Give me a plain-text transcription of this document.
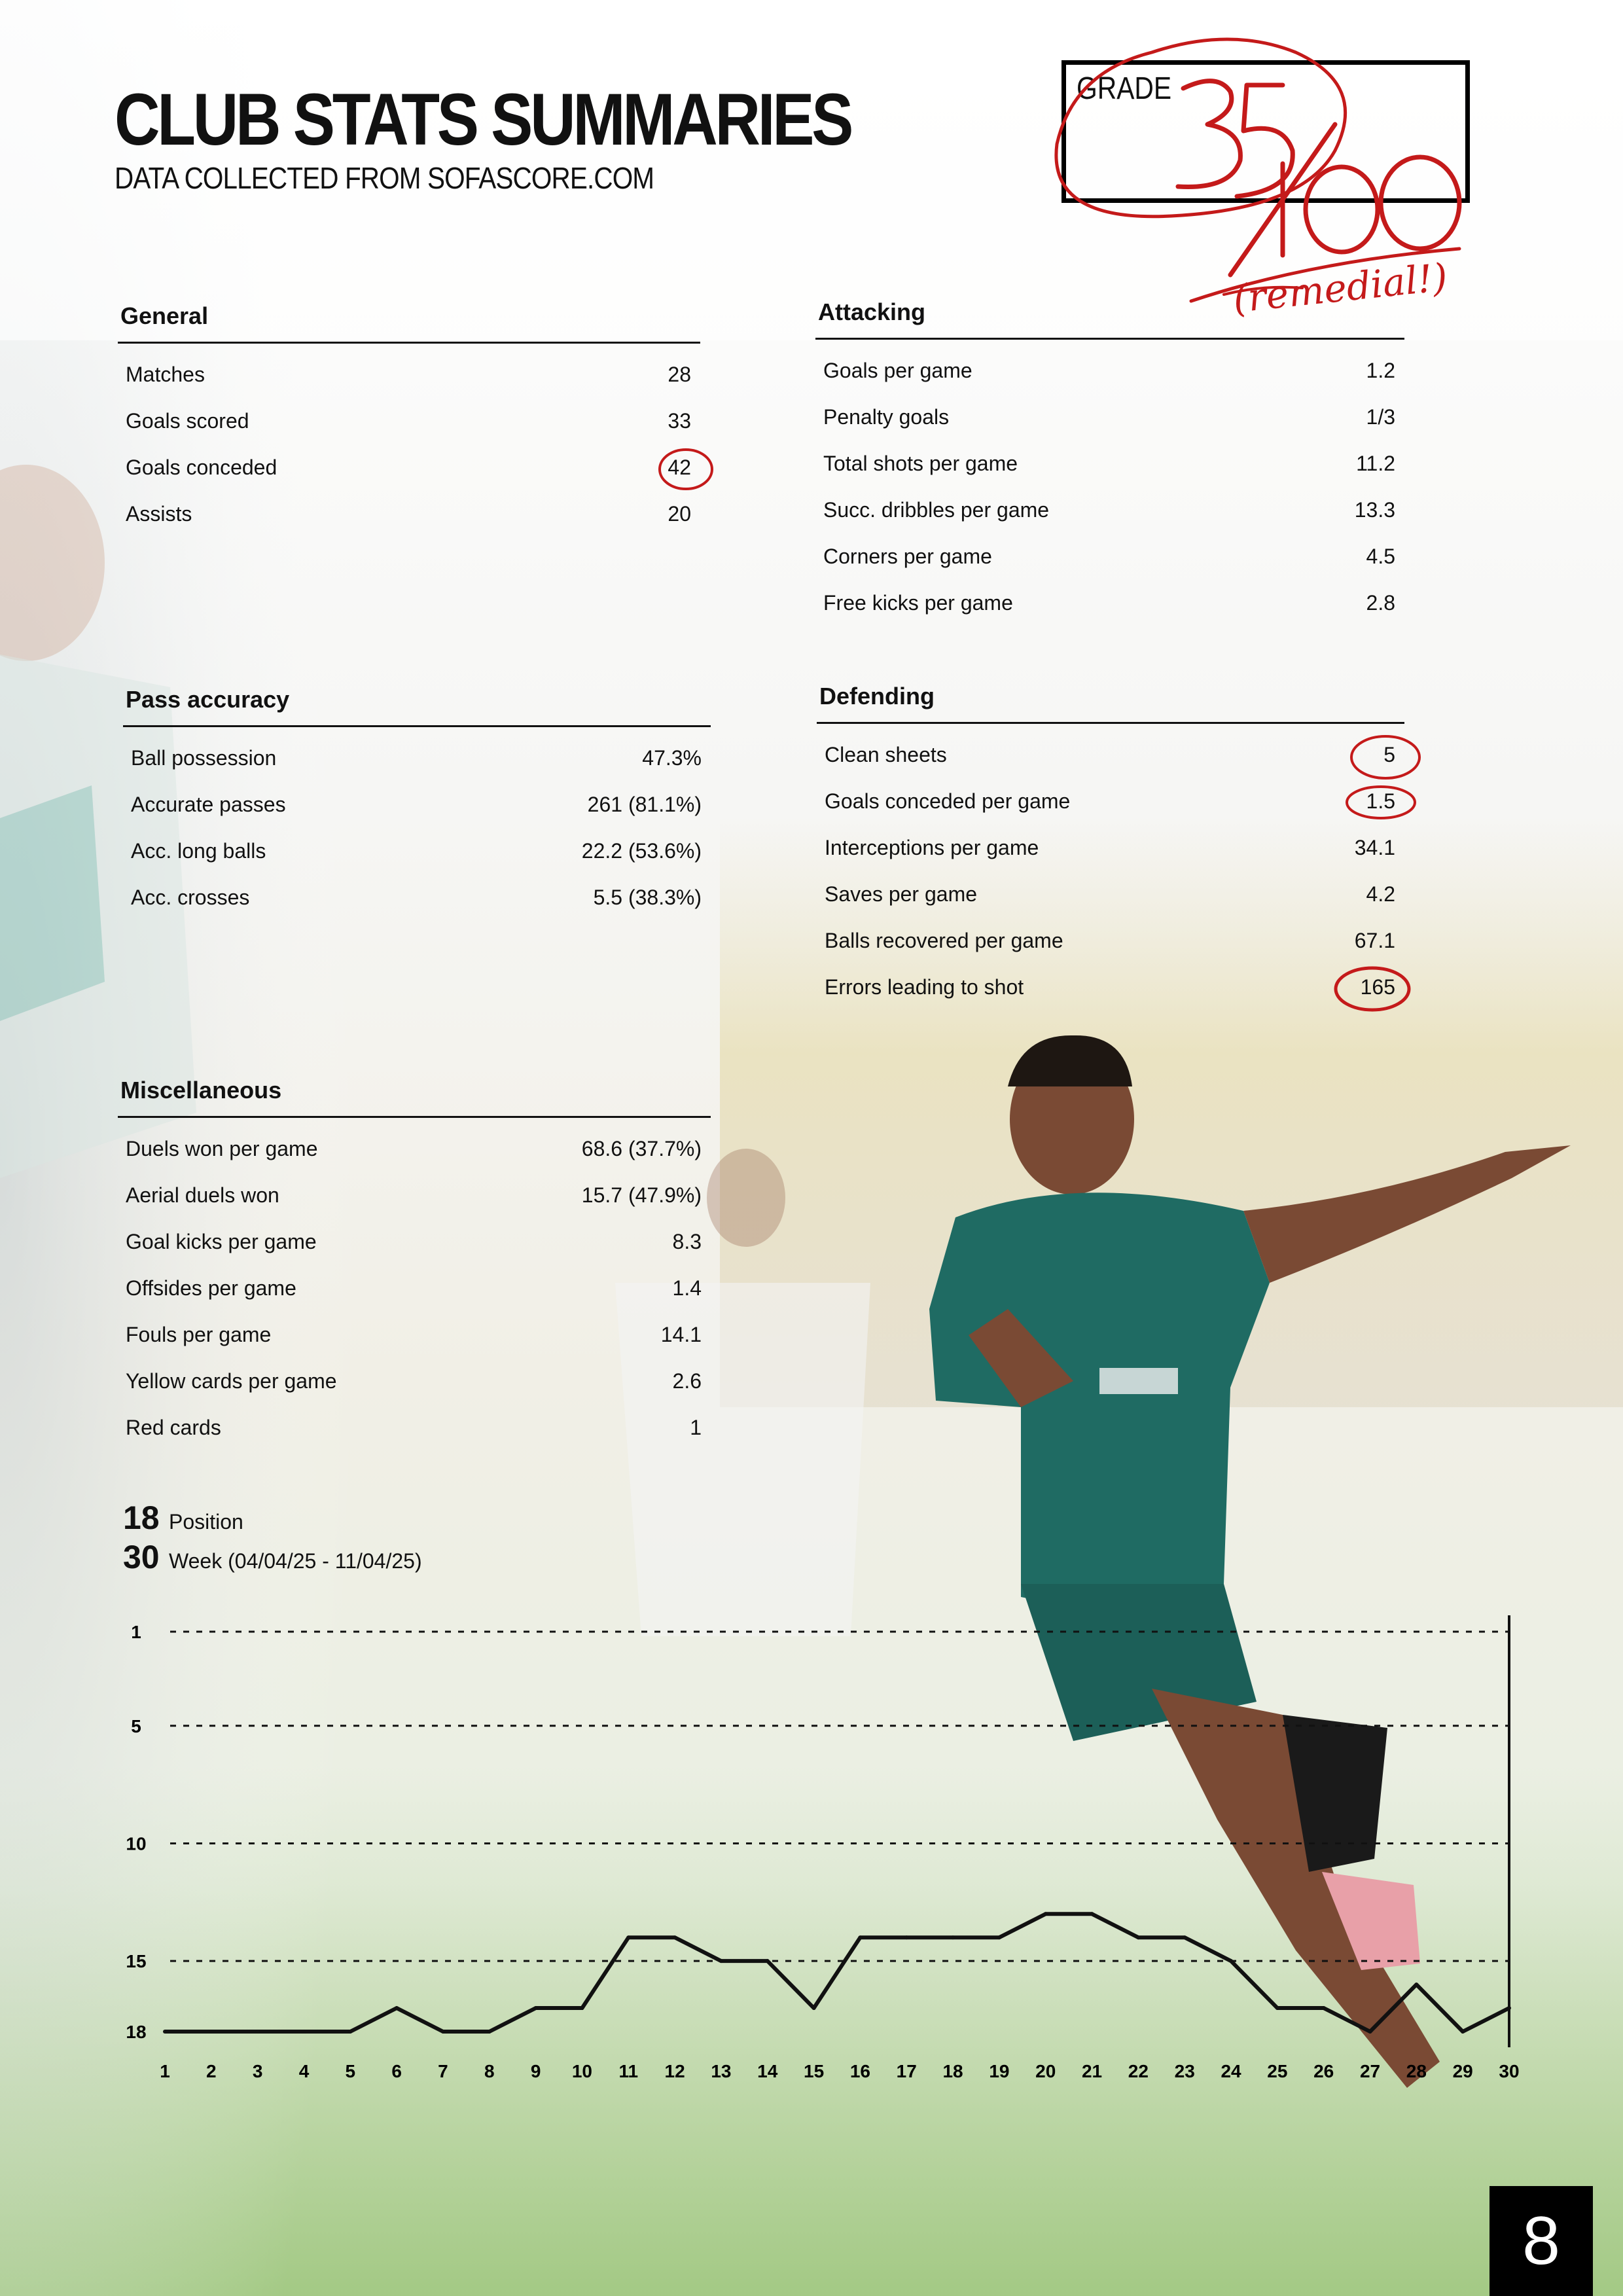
CLUB STATS SUMMARIES
DATA COLLECTED FROM SOFASCORE.COM
GRADE
General
Matches	28
Goals scored	33
Goals conceded	42
Assists	20
Attacking
Goals per game	1.2
Penalty goals	1/3
Total shots per game	11.2
Succ. dribbles per game	13.3
Corners per game	4.5
Free kicks per game	2.8
Pass accuracy
Ball possession	47.3%
Accurate passes	261 (81.1%)
Acc. long balls	22.2 (53.6%)
Acc. crosses	5.5 (38.3%)
Defending
Clean sheets	5
Goals conceded per game	1.5
Interceptions per game	34.1
Saves per game	4.2
Balls recovered per game	67.1
Errors leading to shot	165
Miscellaneous
Duels won per game	68.6 (37.7%)
Aerial duels won	15.7 (47.9%)
Goal kicks per game	8.3
Offsides per game	1.4
Fouls per game	14.1
Yellow cards per game	2.6
Red cards	1
18 Position
30 Week (04/04/25 - 11/04/25)
1
5
10
15
18
1 2 3 4 5 6 7 8 9 10 11 12 13 14 15 16 17 18 19 20 21 22 23 24 25 26 27 28 29 30
(remedial!)
8
